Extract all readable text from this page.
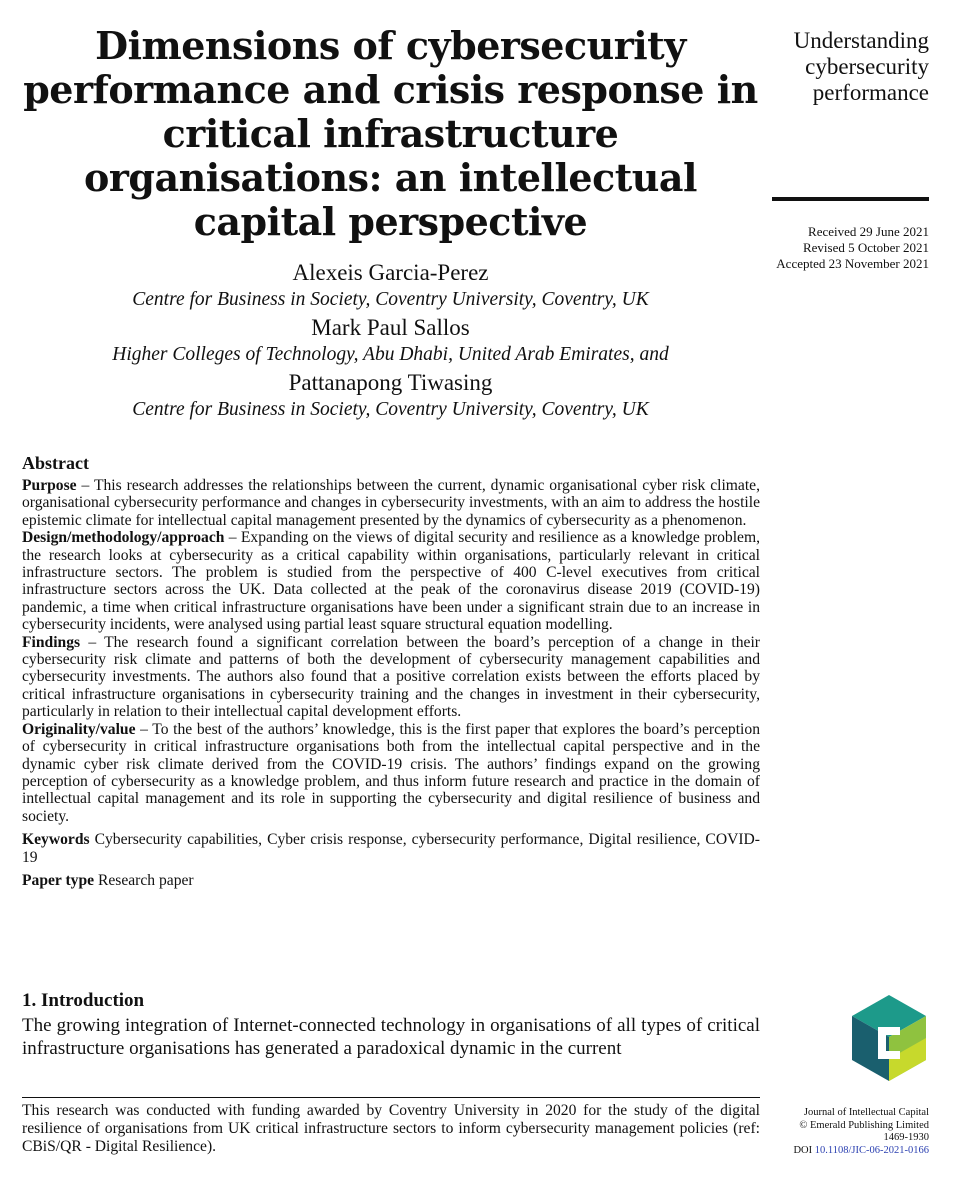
Dimensions of cybersecurity performance and crisis response in critical infrastructure organisations: an intellectual capital perspective
Alexeis Garcia-Perez
Centre for Business in Society, Coventry University, Coventry, UK
Mark Paul Sallos
Higher Colleges of Technology, Abu Dhabi, United Arab Emirates, and
Pattanapong Tiwasing
Centre for Business in Society, Coventry University, Coventry, UK
Understanding cybersecurity performance
Received 29 June 2021
Revised 5 October 2021
Accepted 23 November 2021
Abstract

Purpose – This research addresses the relationships between the current, dynamic organisational cyber risk climate, organisational cybersecurity performance and changes in cybersecurity investments, with an aim to address the hostile epistemic climate for intellectual capital management presented by the dynamics of cybersecurity as a phenomenon.

Design/methodology/approach – Expanding on the views of digital security and resilience as a knowledge problem, the research looks at cybersecurity as a critical capability within organisations, particularly relevant in critical infrastructure sectors. The problem is studied from the perspective of 400 C-level executives from critical infrastructure sectors across the UK. Data collected at the peak of the coronavirus disease 2019 (COVID-19) pandemic, a time when critical infrastructure organisations have been under a significant strain due to an increase in cybersecurity incidents, were analysed using partial least square structural equation modelling.

Findings – The research found a significant correlation between the board’s perception of a change in their cybersecurity risk climate and patterns of both the development of cybersecurity management capabilities and cybersecurity investments. The authors also found that a positive correlation exists between the efforts placed by critical infrastructure organisations in cybersecurity training and the changes in investment in their cybersecurity, particularly in relation to their intellectual capital development efforts.

Originality/value – To the best of the authors’ knowledge, this is the first paper that explores the board’s perception of cybersecurity in critical infrastructure organisations both from the intellectual capital perspective and in the dynamic cyber risk climate derived from the COVID-19 crisis. The authors’ findings expand on the growing perception of cybersecurity as a knowledge problem, and thus inform future research and practice in the domain of intellectual capital management and its role in supporting the cybersecurity and digital resilience of business and society.

Keywords Cybersecurity capabilities, Cyber crisis response, cybersecurity performance, Digital resilience, COVID-19

Paper type Research paper

1. Introduction

The growing integration of Internet-connected technology in organisations of all types of critical infrastructure organisations has generated a paradoxical dynamic in the current

This research was conducted with funding awarded by Coventry University in 2020 for the study of the digital resilience of organisations from UK critical infrastructure sectors to inform cybersecurity management policies (ref: CBiS/QR - Digital Resilience).
Journal of Intellectual Capital
© Emerald Publishing Limited
1469-1930
DOI 10.1108/JIC-06-2021-0166
